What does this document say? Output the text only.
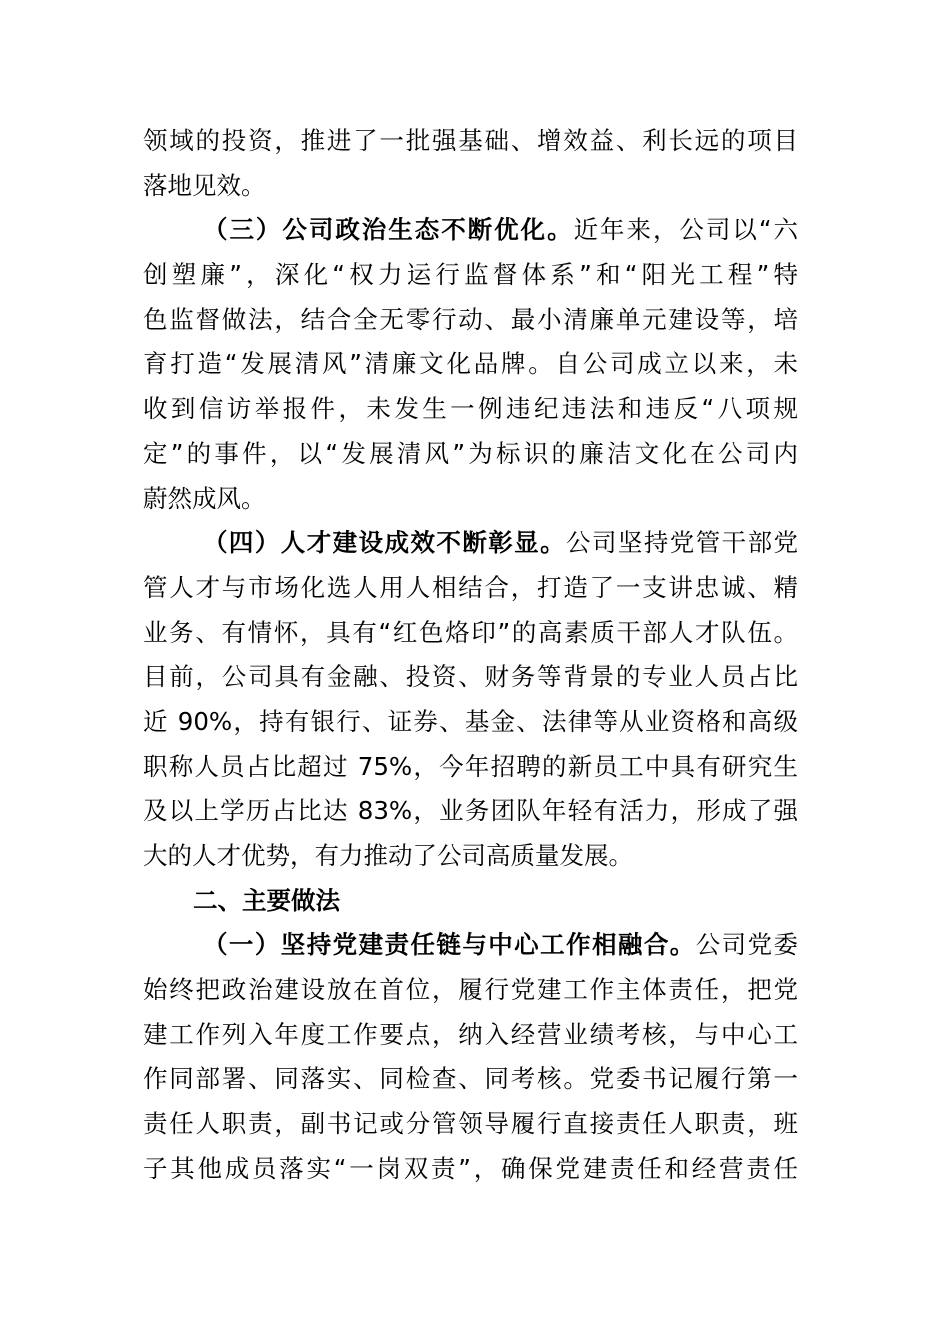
领域的投资，推进了一批强基础、增效益、利长远的项目
落地见效。
（三）公司政治生态不断优化。近年来，公司以“六
创塑廉”，深化“权力运行监督体系”和“阳光工程”特
色监督做法，结合全无零行动、最小清廉单元建设等，培
育打造“发展清风”清廉文化品牌。自公司成立以来，未
收到信访举报件，未发生一例违纪违法和违反“八项规
定”的事件，以“发展清风”为标识的廉洁文化在公司内
蔚然成风。
（四）人才建设成效不断彰显。公司坚持党管干部党
管人才与市场化选人用人相结合，打造了一支讲忠诚、精
业务、有情怀，具有“红色烙印”的高素质干部人才队伍。
目前，公司具有金融、投资、财务等背景的专业人员占比
近 90%，持有银行、证券、基金、法律等从业资格和高级
职称人员占比超过 75%，今年招聘的新员工中具有研究生
及以上学历占比达 83%，业务团队年轻有活力，形成了强
大的人才优势，有力推动了公司高质量发展。
二、主要做法
（一）坚持党建责任链与中心工作相融合。公司党委
始终把政治建设放在首位，履行党建工作主体责任，把党
建工作列入年度工作要点，纳入经营业绩考核，与中心工
作同部署、同落实、同检查、同考核。党委书记履行第一
责任人职责，副书记或分管领导履行直接责任人职责，班
子其他成员落实“一岗双责”，确保党建责任和经营责任
